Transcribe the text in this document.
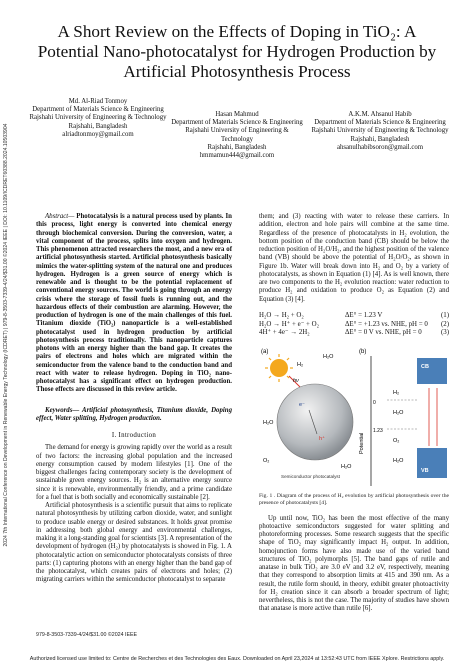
2024 7th International Conference on Development in Renewable Energy Technology (ICDRET) | 979-8-3503-7339-4/24/$31.00 ©2024 IEEE | DOI: 10.1109/ICDRET60388.2024.10503904
A Short Review on the Effects of Doping in TiO₂: A Potential Nano-photocatalyst for Hydrogen Production by Artificial Photosynthesis Process
Md. Al-Riad Tonmoy
Department of Materials Science & Engineering
Rajshahi University of Engineering & Technology
Rajshahi, Bangladesh
alriadtonmoy@gmail.com
Hasan Mahmud
Department of Materials Science & Engineering
Rajshahi University of Engineering & Technology
Rajshahi, Bangladesh
hmmamun444@gmail.com
A.K.M. Ahsanul Habib
Department of Materials Science & Engineering
Rajshahi University of Engineering & Technology
Rajshahi, Bangladesh
ahsanulhabibsoron@gmail.com

Abstract— Photocatalysis is a natural process used by plants. In this process, light energy is converted into chemical energy through biochemical conversion. During the conversion, water, a vital component of the process, splits into oxygen and hydrogen. This phenomenon attracted researchers the most, and a new era of artificial photosynthesis started. Artificial photosynthesis basically mimics the water-splitting system of the natural one and produces hydrogen. Hydrogen is a green source of energy which is renewable and is thought to be the potential replacement of conventional energy sources. The world is going through an energy crisis where the storage of fossil fuels is running out, and the hazardous effects of their combustion are alarming. However, the production of hydrogen is one of the main challenges of this fuel. Titanium dioxide (TiO₂) nanoparticle is a well-established photocatalyst used in hydrogen production by artificial photosynthesis process traditionally. This nanoparticle captures photons with an energy higher than the band gap. It creates the pairs of electrons and holes which are migrated within the semiconductor from the valence band to the conduction band and react with water to release hydrogen. Doping in TiO₂ nano-photocatalyst has a significant effect on hydrogen production. Those effects are discussed in this review article.

Keywords— Artificial photosynthesis, Titanium dioxide, Doping effect, Water splitting, Hydrogen production.

I. Introduction

The demand for energy is growing rapidly over the world as a result of two factors: the increasing global population and the increased energy consumption caused by modern lifestyles [1]. One of the biggest challenges facing contemporary society is the development of sustainable green energy sources. H₂ is an alternative energy source since it is renewable, environmentally friendly, and a prime candidate for a fuel that is both socially and economically sustainable [2].

Artificial photosynthesis is a scientific pursuit that aims to replicate natural photosynthesis by utilizing carbon dioxide, water, and sunlight to produce usable energy or desired substances. It holds great promise in addressing both global energy and environmental challenges, making it a long-standing goal for scientists [3]. A representation of the development of hydrogen (H₂) by photocatalysts is showed in Fig. 1. A photocatalytic action on semiconductor photocatalysts consists of three parts: (1) capturing photons with an energy higher than the band gap of the photocatalyst, which creates pairs of electrons and holes; (2) migrating carriers within the semiconductor photocatalyst to separate

them; and (3) reacting with water to release these carriers. In addition, electron and hole pairs will combine at the same time. Regardless of the presence of photocatalysts in H₂ evolution, the bottom position of the conduction band (CB) should be below the reduction position of H₂O/H₂, and the highest position of the valence band (VB) should be above the potential of H₂O/O₂, as shown in Figure 1b. Water will break down into H₂ and O₂ by a variety of photocatalysts, as shown in Equation (1) [4]. As is well known, there are two components to the H₂ evolution reaction: water reduction to produce H₂ and oxidation to produce O₂ as Equation (2) and Equation (3) [4].

H₂O → H₂ + O₂	ΔE° = 1.23 V	(1)
H₂O → H⁺ + e⁻ + O₂	ΔE° = +1.23 vs. NHE, pH = 0	(2)
4H⁺ + 4e⁻ → 2H₂	ΔE° = 0 V vs. NHE, pH = 0	(3)
(a)
hν
H₂
H₂O
e⁻
h⁺
H₂O
O₂
H₂O
Semiconductor photocatalyst
(b)
Potential
0
1.23
CB
VB
H₂
H₂O
O₂
H₂O
Fig. 1 . Diagram of the process of H₂ evolution by artificial photosynthesis over the presence of photocatalysts [4].

Up until now, TiO₂ has been the most effective of the many photoactive semiconductors suggested for water splitting and photoreforming processes. Some research suggests that the specific shape of TiO₂ may significantly impact H₂ output. In addition, homojunction forms have also made use of the varied band structures of TiO₂ polymorphs [5]. The band gaps of rutile and anatase in bulk TiO₂ are 3.0 eV and 3.2 eV, respectively, meaning that they correspond to absorption limits at 415 and 390 nm. As a result, the rutile form should, in theory, exhibit greater photoactivity for H₂ creation since it can absorb a broader spectrum of light; nevertheless, this is not the case. The majority of studies have shown that anatase is more active than rutile [6].

979-8-3503-7339-4/24/$31.00 ©2024 IEEE
Authorized licensed use limited to: Centre de Recherches et des Technologies des Eaux. Downloaded on April 23,2024 at 13:52:43 UTC from IEEE Xplore. Restrictions apply.
